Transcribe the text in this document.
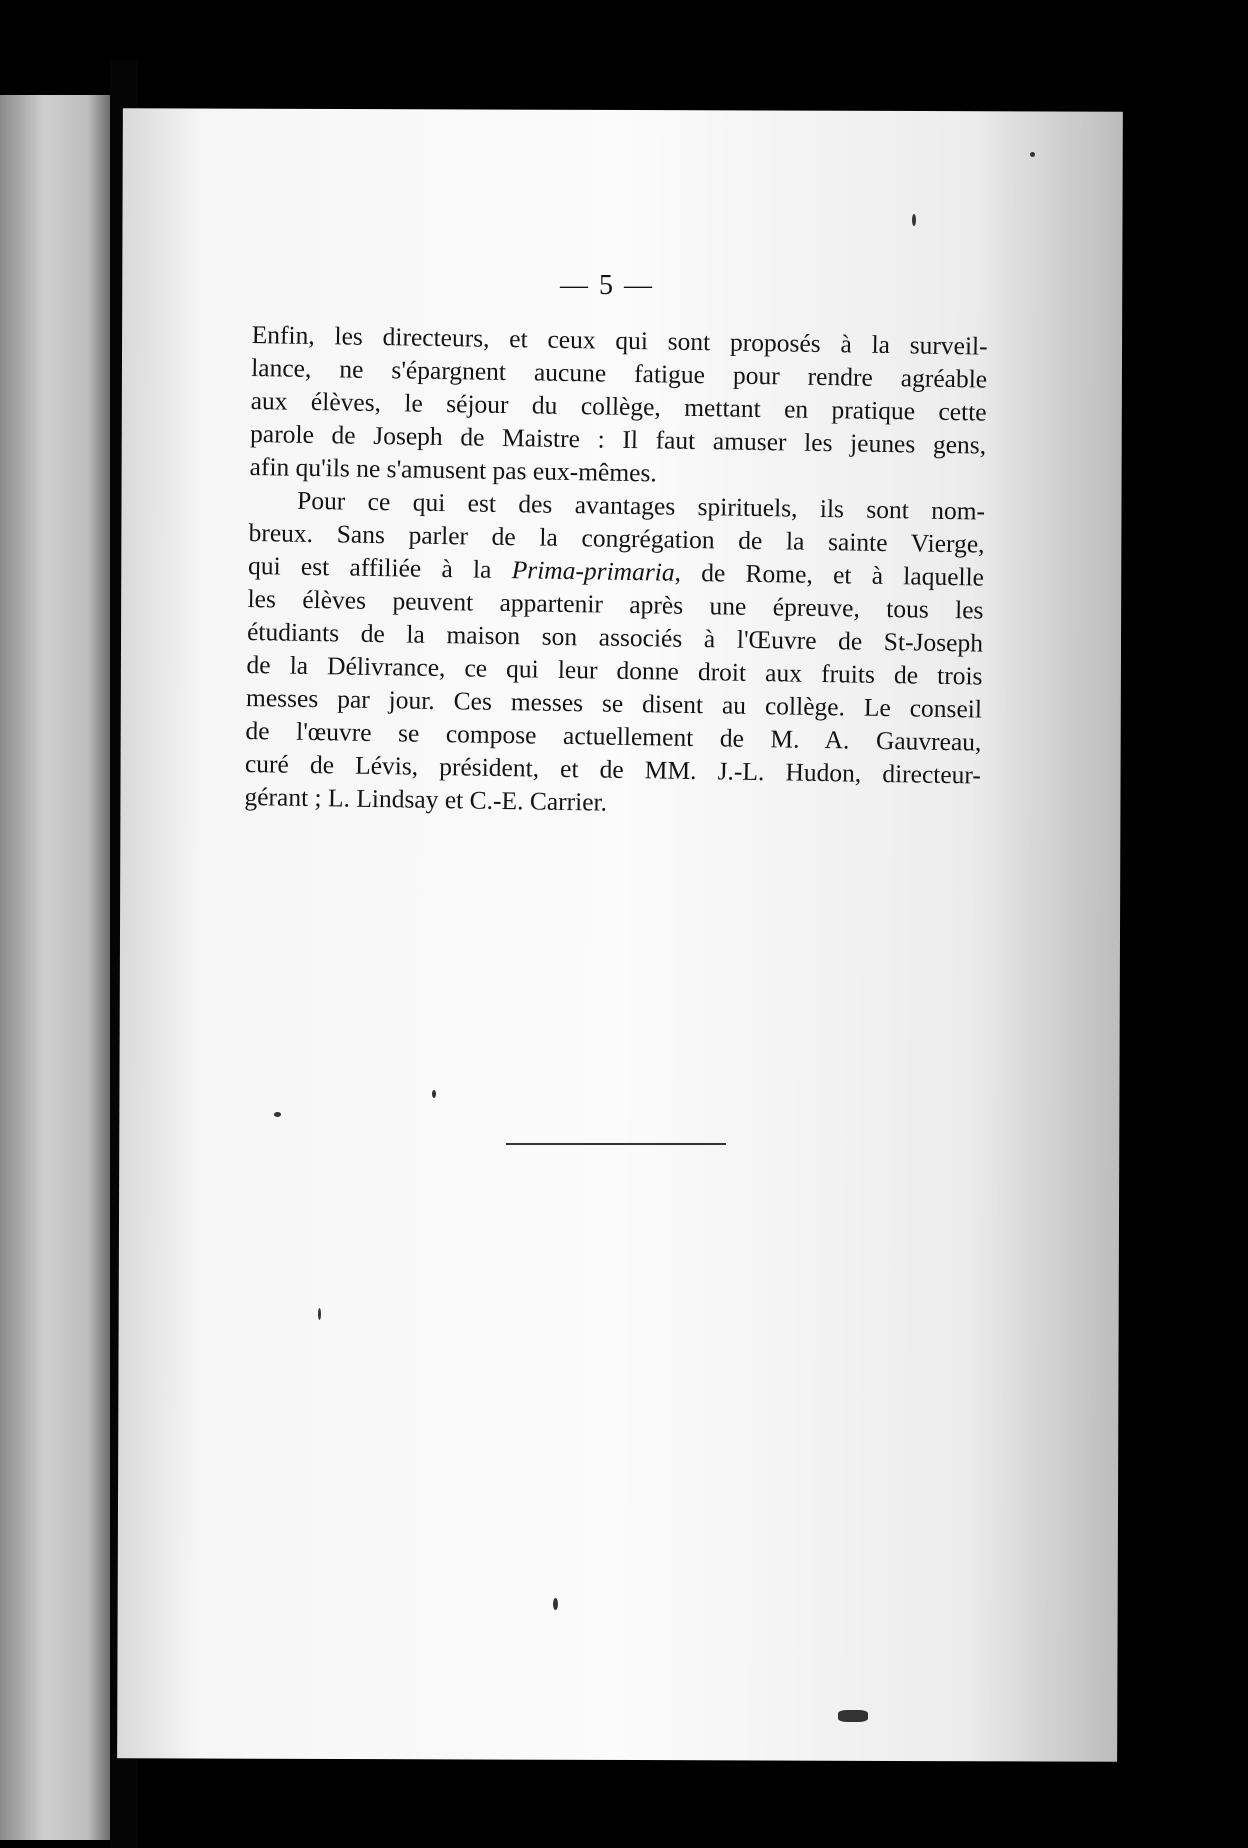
— 5 —
Enfin, les directeurs, et ceux qui sont proposés à la surveil-
lance, ne s'épargnent aucune fatigue pour rendre agréable
aux élèves, le séjour du collège, mettant en pratique cette
parole de Joseph de Maistre : Il faut amuser les jeunes gens,
afin qu'ils ne s'amusent pas eux-mêmes.
Pour ce qui est des avantages spirituels, ils sont nom-
breux. Sans parler de la congrégation de la sainte Vierge,
qui est affiliée à la Prima-primaria, de Rome, et à laquelle
les élèves peuvent appartenir après une épreuve, tous les
étudiants de la maison son associés à l'Œuvre de St-Joseph
de la Délivrance, ce qui leur donne droit aux fruits de trois
messes par jour. Ces messes se disent au collège. Le conseil
de l'œuvre se compose actuellement de M. A. Gauvreau,
curé de Lévis, président, et de MM. J.-L. Hudon, directeur-
gérant ; L. Lindsay et C.-E. Carrier.
